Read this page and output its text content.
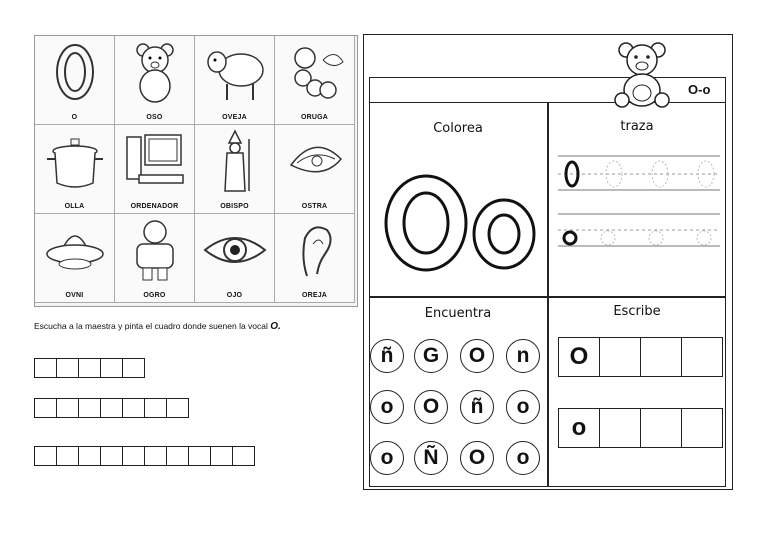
O	OSO	OVEJA	ORUGA
OLLA	ORDENADOR	OBISPO	OSTRA
OVNI	OGRO	OJO	OREJA
Escucha a la maestra y pinta el cuadro donde suenen la vocal O.
O-o
Colorea	traza
Encuentra	Escribe
ñ G O n
o O ñ o
o Ñ O o
O
o
